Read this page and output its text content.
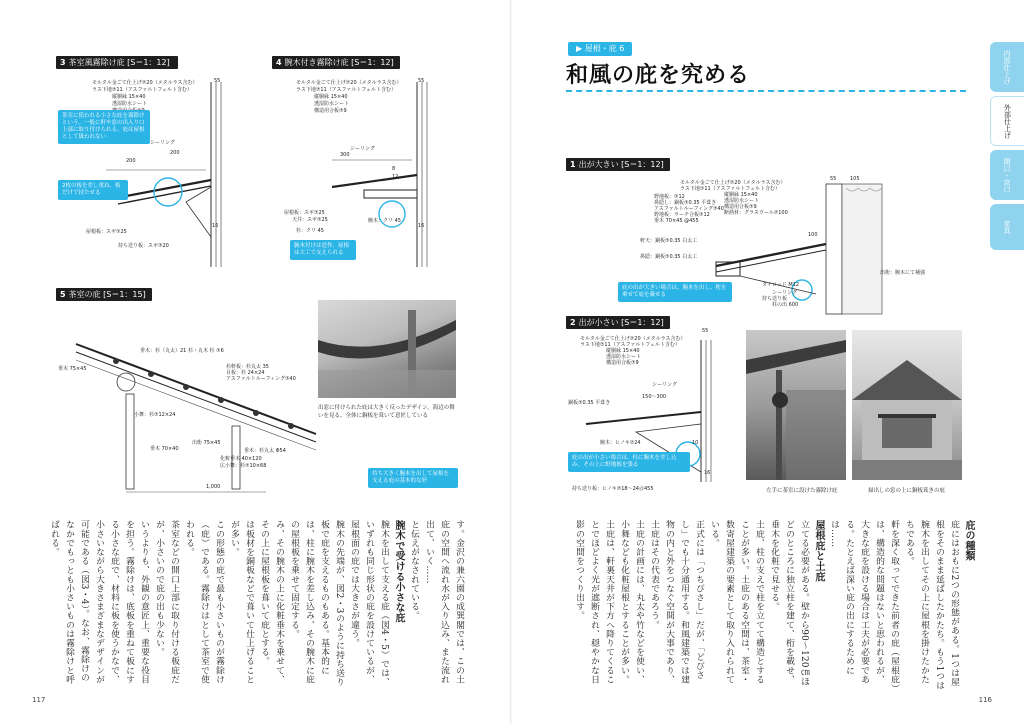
3 茶室風霧除け庇 [S＝1：12]
モルタル金ごて仕上げ⑦20（メタルラス含む）
ラス下地⑦11（アスファルトフェルト含む）
縦胴縁 15×40
透湿防水シート
シーリング
屋根板：スギ⑦25
持ち送り板：スギ⑦20
55
200
200
16
茶室に使われる小さな庇を霧除けという。一般に軒や窓の出入り口上部に取り付けられる。庇は屋根として扱われない
2枚の板を差し重ね、板だけで持たせる
4 腕木付き霧除け庇 [S＝1：12]
モルタル金ごて仕上げ⑦20（メタルラス含む）
ラス下地⑦11（アスファルトフェルト含む）
縦胴縁 15×40
透湿防水シート
構造用合板⑦9
シーリング
屋根板：スギ⑦25
腕木：クリ 45
杉：クリ 45
天井：スギ⑦25
55
300
16
8
12
腕木付けは造作、屋根は大工で支えられる
5 茶室の庇 [S＝1：15]
垂木：杉（丸太）21 杉・丸木 杉 ⑦6
杉軒板：杉丸太 35
目板：杉 24×24
アスファルトルーフィング⑦40
小舞：杉⑦12×24
垂木 75×45
垂木 70×40
出桁 75×45
垂木：杉丸太 Φ54
化粧垂木 40×120
広小舞：杉⑦10×68
1,000
出窓に付けられた庇は大きく反ったデザイン。海辺の舞いを見る、全体に銅板を葺いて意匠している
持ち大きく腕木を出して屋根を支える庇の基本的な形

す。金沢の兼六園の成巽閣では、この土庇の空間へ流れ水が入り込み、また流れ出て、いく……

と伝えがなされている。

腕木で受ける小さな庇

腕木を出して支える庇（図4・5）では、いずれも同じ形状の庇を設けているが、屋根面の庇では大きさが違う。

腕木の先端が、図2・3のように持ち送り板で庇を支えるものもある。基本的には、柱に腕木を差し込み、その腕木に庇の屋根板を乗せて固定する。

み、その腕木の上に化粧垂木を乗せて、その上に屋根板を葺いて庇とする。

は板材を銅板などで葺いて仕上げることが多い。

この形態の庇で最も小さいものが霧除け（庇）である。霧除けはとして茶室で使われる。

茶室などの開口上部に取り付ける板庇だが、小さいので庇の出も少ない。

いうよりも、外観の意匠上、重要な役目を担う。霧除けは、底板を重ねて板にする小さな庇で、材料に板を使うかなで、小さいながら大きさまざまなデザインが可能である（図3・4）。なお、霧除けのなかでもっとも小さいものは霧除けと呼ばれる。

117	116
▶ 屋根・庇 6
和風の庇を究める	内部仕上げ
外部仕上げ
開口・窓口
家具
1 出が大きい [S＝1：12]
モルタル金ごて仕上げ⑦20（メタルラス含む）
ラス下地⑦11（アスファルトフェルト含む）
縦胴縁 15×40
透湿防水シート
構造用合板⑦9
断熱材：グラスウール⑦100
野地板：⑦12
鼻隠し：銅板⑦0.35 平葺き
アスファルトルーフィング⑦40
野地板：ラーチ合板⑦12
垂木 70×45 @455
軒天：銅板⑦0.35 白太工
鼻隠：銅板⑦0.35 白太工
タイロッド M12
シーリング
持ち送り板
柱の出 600
出桁：腕木にて補強
55	105
100
庇の出が大きい場合は、腕木を出し、桁を乗せて庇を載せる
2 出が小さい [S＝1：12]
モルタル金ごて仕上げ⑦20（メタルラス含む）
ラス下地⑦11（アスファルトフェルト含む）
縦胴縁 15×40
透湿防水シート
構造用合板⑦9
シーリング
銅板⑦0.35 平葺き
腕木：ヒノキ⑦24
持ち送り板：ヒノキ⑦18～24＠455
55
150～300
16
10
庇の出が小さい場合は、柱に腕木を差し込み、その上に野地板を張る
左手に茶室に設けた霧除け庇	掃出しの窓の上に銅板葺きの庇

庇の種類

庇にはおもに2つの形態がある。1つは屋根をそのまま延ばしたかたち。もう1つは腕木を出してその上に屋根を掛けたかたちである。

軒を深く取ってできた前者の庇（屋根庇）は、構造的な問題はないと思われるが、大きな庇を設ける場合は工夫が必要である。たとえば深い庇の出にするためには……

屋根庇と土庇

立てる必要がある。壁から90～120㎝ほどのところに独立柱を建て、桁を載せ、垂木を化粧で見せる。

土庇、柱の支えで柱を立てて構造とすることが多い。土庇のある空間は、茶室・数寄屋建築の要素として取り入れられている。

正式には「つちびさし」だが、「どびさし」でも十分通用する。和風建築では建物の内と外をつなぐ空間が大事であり、土庇はその代表であろう。

土庇の計画には、丸太や竹などを使い、小舞なども化粧屋根とすることが多い。

土庇は、軒裏天井が下方へ降りてくることでほどよく光が遮断され、穏やかな日影の空間をつくり出す。
